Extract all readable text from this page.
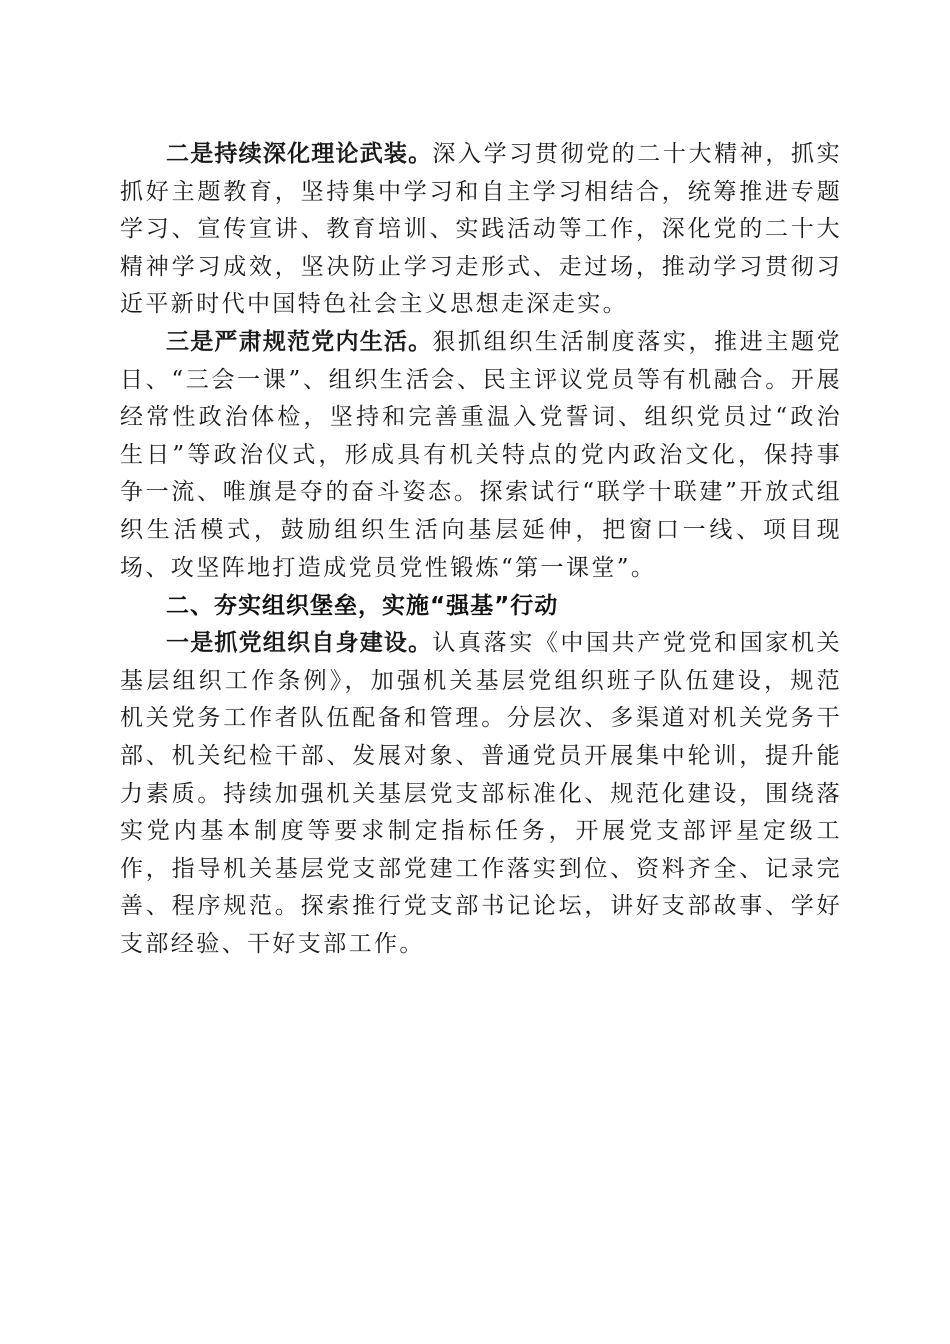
二是持续深化理论武装。深入学习贯彻党的二十大精神，抓实抓好主题教育，坚持集中学习和自主学习相结合，统筹推进专题学习、宣传宣讲、教育培训、实践活动等工作，深化党的二十大精神学习成效，坚决防止学习走形式、走过场，推动学习贯彻习近平新时代中国特色社会主义思想走深走实。

三是严肃规范党内生活。狠抓组织生活制度落实，推进主题党日、“三会一课”、组织生活会、民主评议党员等有机融合。开展经常性政治体检，坚持和完善重温入党誓词、组织党员过“政治生日”等政治仪式，形成具有机关特点的党内政治文化，保持事争一流、唯旗是夺的奋斗姿态。探索试行“联学十联建”开放式组织生活模式，鼓励组织生活向基层延伸，把窗口一线、项目现场、攻坚阵地打造成党员党性锻炼“第一课堂”。

二、夯实组织堡垒，实施“强基”行动

一是抓党组织自身建设。认真落实《中国共产党党和国家机关基层组织工作条例》，加强机关基层党组织班子队伍建设，规范机关党务工作者队伍配备和管理。分层次、多渠道对机关党务干部、机关纪检干部、发展对象、普通党员开展集中轮训，提升能力素质。持续加强机关基层党支部标准化、规范化建设，围绕落实党内基本制度等要求制定指标任务，开展党支部评星定级工作，指导机关基层党支部党建工作落实到位、资料齐全、记录完善、程序规范。探索推行党支部书记论坛，讲好支部故事、学好支部经验、干好支部工作。
